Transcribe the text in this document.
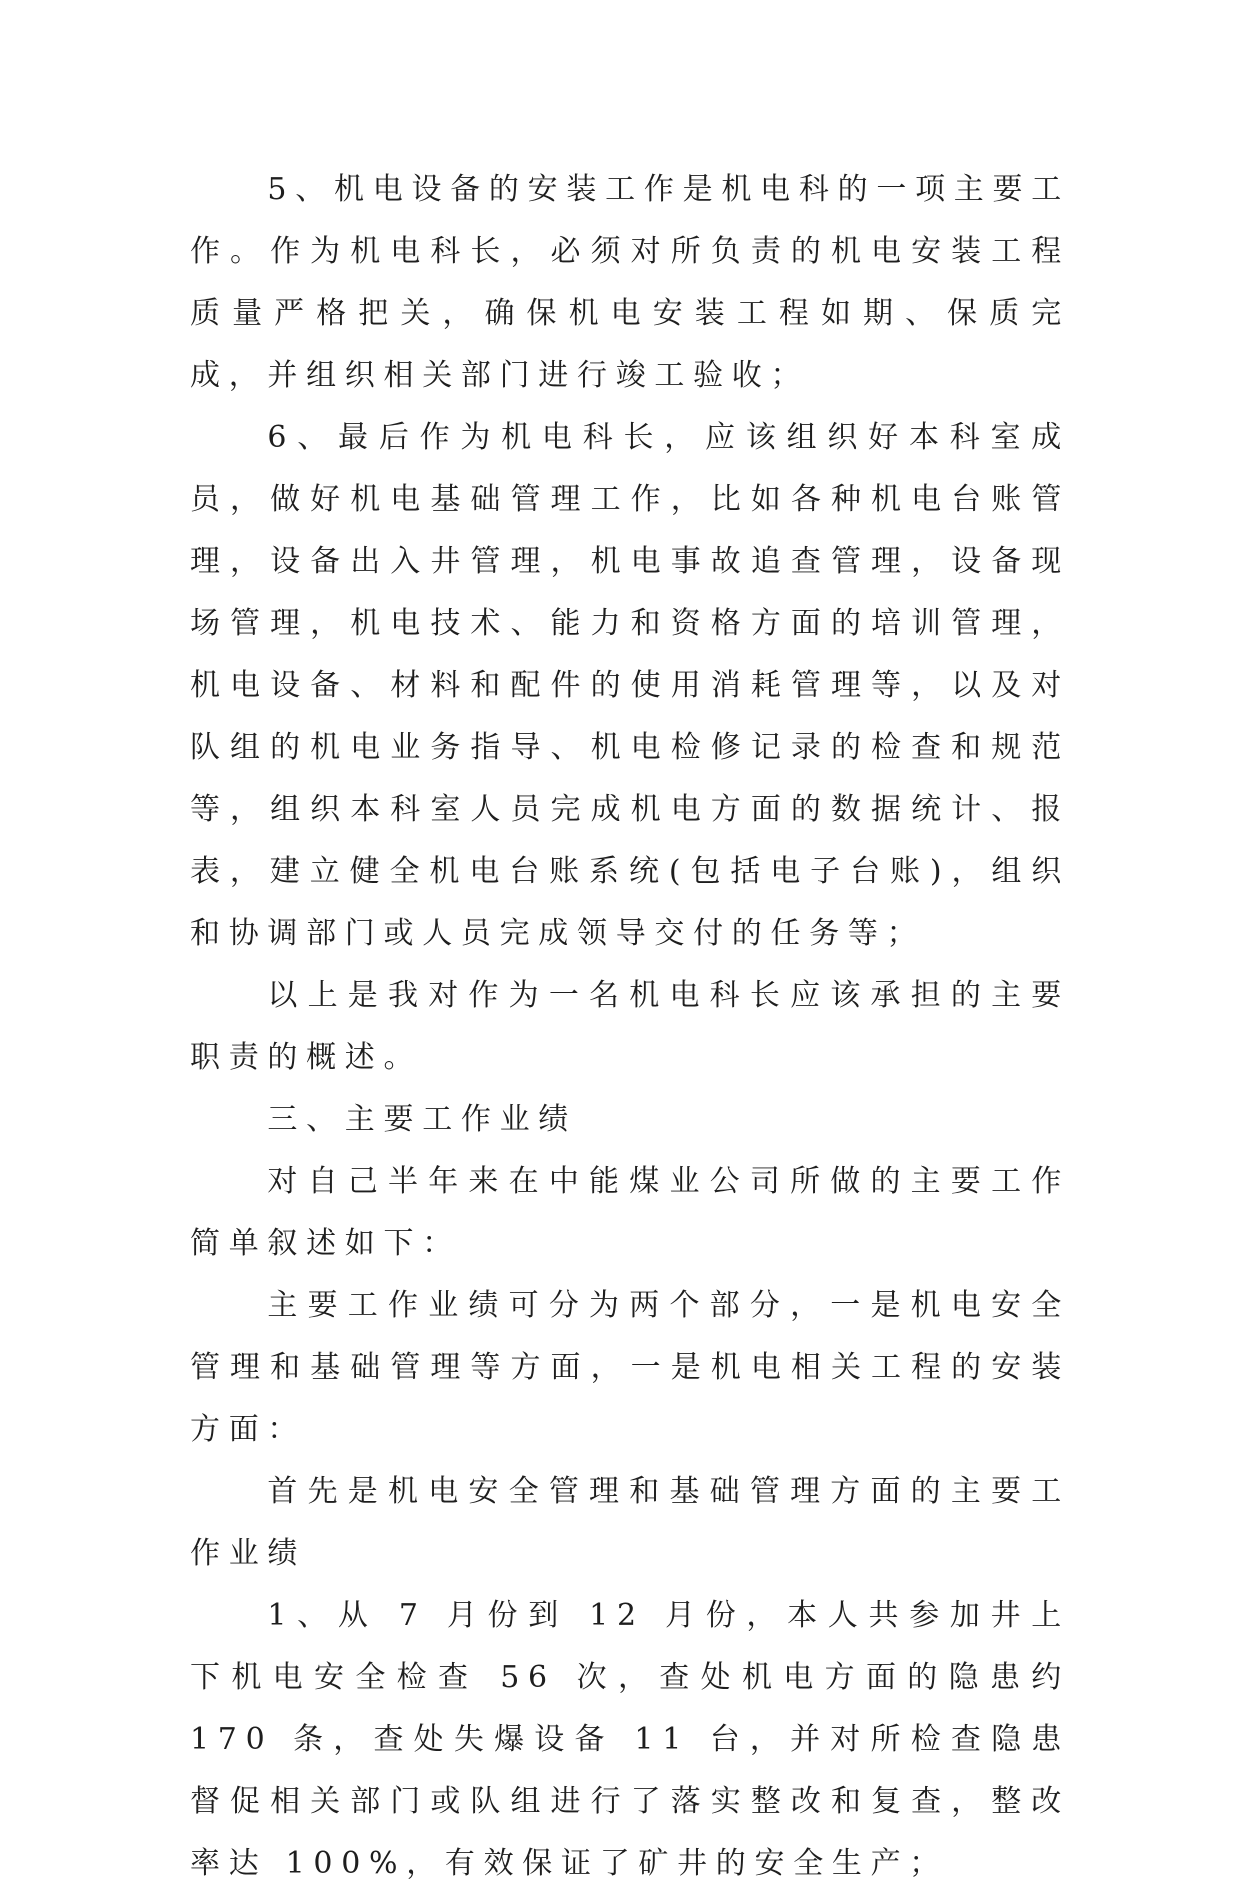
5、机电设备的安装工作是机电科的一项主要工作。作为机电科长，必须对所负责的机电安装工程质量严格把关，确保机电安装工程如期、保质完成，并组织相关部门进行竣工验收；

6、最后作为机电科长，应该组织好本科室成员，做好机电基础管理工作，比如各种机电台账管理，设备出入井管理，机电事故追查管理，设备现场管理，机电技术、能力和资格方面的培训管理，机电设备、材料和配件的使用消耗管理等，以及对队组的机电业务指导、机电检修记录的检查和规范等，组织本科室人员完成机电方面的数据统计、报表，建立健全机电台账系统(包括电子台账)，组织和协调部门或人员完成领导交付的任务等；

以上是我对作为一名机电科长应该承担的主要职责的概述。

三、主要工作业绩

对自己半年来在中能煤业公司所做的主要工作简单叙述如下：

主要工作业绩可分为两个部分，一是机电安全管理和基础管理等方面，一是机电相关工程的安装方面：

首先是机电安全管理和基础管理方面的主要工作业绩

1、从 7 月份到 12 月份，本人共参加井上下机电安全检查 56 次，查处机电方面的隐患约 170 条，查处失爆设备 11 台，并对所检查隐患督促相关部门或队组进行了落实整改和复查，整改率达 100%，有效保证了矿井的安全生产；
